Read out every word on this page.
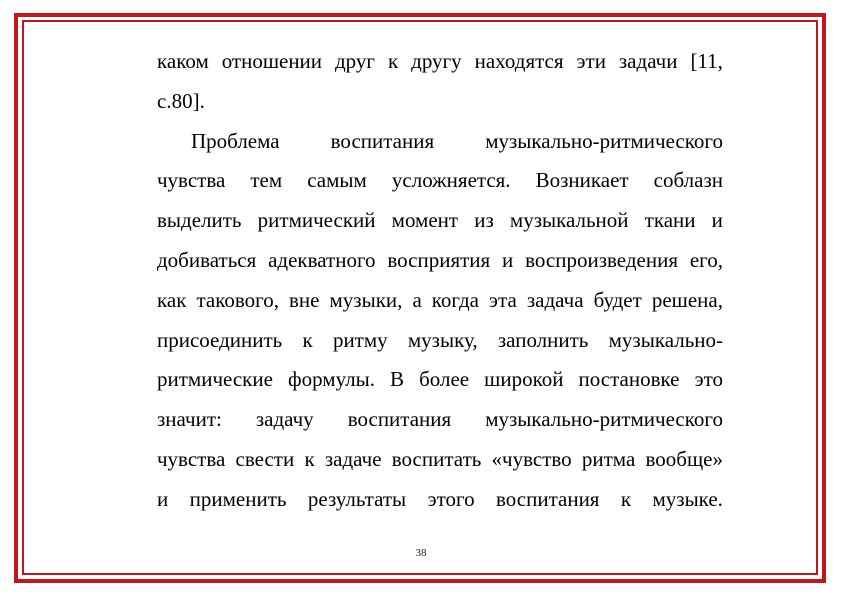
каком отношении друг к другу находятся эти задачи [11,
с.80].
Проблема воспитания музыкально-ритмического
чувства тем самым усложняется. Возникает соблазн
выделить ритмический момент из музыкальной ткани и
добиваться адекватного восприятия и воспроизведения его,
как такового, вне музыки, а когда эта задача будет решена,
присоединить к ритму музыку, заполнить музыкально-
ритмические формулы. В более широкой постановке это
значит: задачу воспитания музыкально-ритмического
чувства свести к задаче воспитать «чувство ритма вообще»
и применить результаты этого воспитания к музыке.
38
